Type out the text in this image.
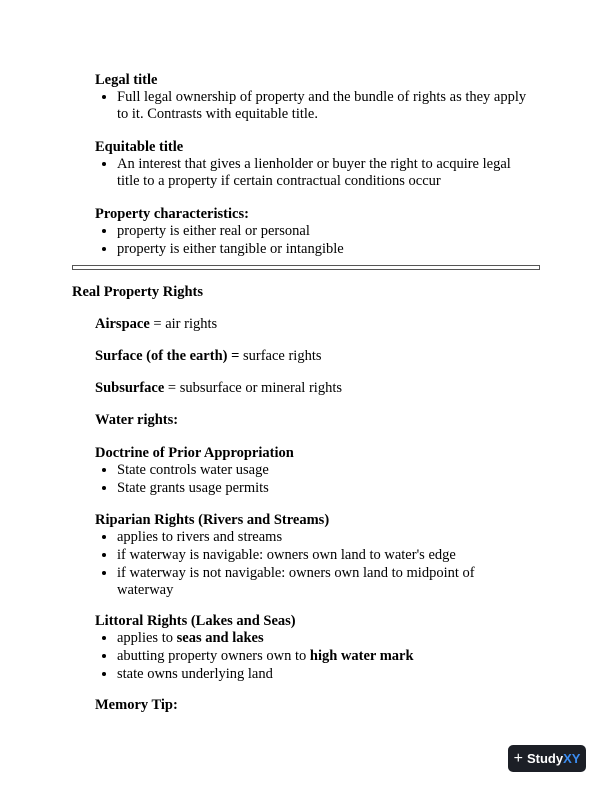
Legal title
• Full legal ownership of property and the bundle of rights as they apply to it. Contrasts with equitable title.
Equitable title
• An interest that gives a lienholder or buyer the right to acquire legal title to a property if certain contractual conditions occur
Property characteristics:
• property is either real or personal
• property is either tangible or intangible
Real Property Rights
Airspace = air rights
Surface (of the earth) = surface rights
Subsurface = subsurface or mineral rights
Water rights:
Doctrine of Prior Appropriation
• State controls water usage
• State grants usage permits
Riparian Rights (Rivers and Streams)
• applies to rivers and streams
• if waterway is navigable: owners own land to water's edge
• if waterway is not navigable: owners own land to midpoint of waterway
Littoral Rights (Lakes and Seas)
• applies to seas and lakes
• abutting property owners own to high water mark
• state owns underlying land
Memory Tip:
+ StudyXY
